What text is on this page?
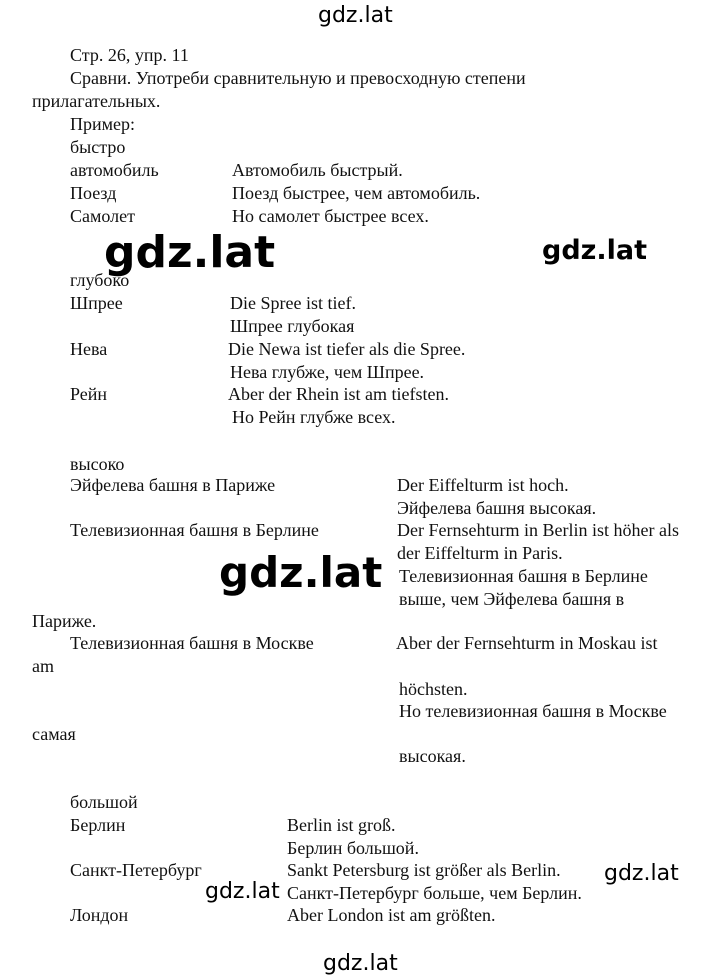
gdz.lat
gdz.lat	gdz.lat
gdz.lat
gdz.lat
gdz.lat
gdz.lat
Стр. 26, упр. 11
Сравни. Употреби сравнительную и превосходную степени
прилагательных.
Пример:
быстро
автомобиль	Автомобиль быстрый.
Поезд	Поезд быстрее, чем автомобиль.
Самолет	Но самолет быстрее всех.
глубоко
Шпрее	Die Spree ist tief.
Шпрее глубокая
Нева	Die Newa ist tiefer als die Spree.
Нева глубже, чем Шпрее.
Рейн	Aber der Rhein ist am tiefsten.
Но Рейн глубже всех.
высоко
Эйфелева башня в Париже	Der Eiffelturm ist hoch.
Эйфелева башня высокая.
Телевизионная башня в Берлине	Der Fernsehturm in Berlin ist höher als
der Eiffelturm in Paris.
Телевизионная башня в Берлине
выше, чем Эйфелева башня в
Париже.
Телевизионная башня в Москве	Aber der Fernsehturm in Moskau ist
am
höchsten.
Но телевизионная башня в Москве
самая
высокая.
большой
Берлин	Berlin ist groß.
Берлин большой.
Санкт-Петербург	Sankt Petersburg ist größer als Berlin.
Санкт-Петербург больше, чем Берлин.
Лондон	Aber London ist am größten.
